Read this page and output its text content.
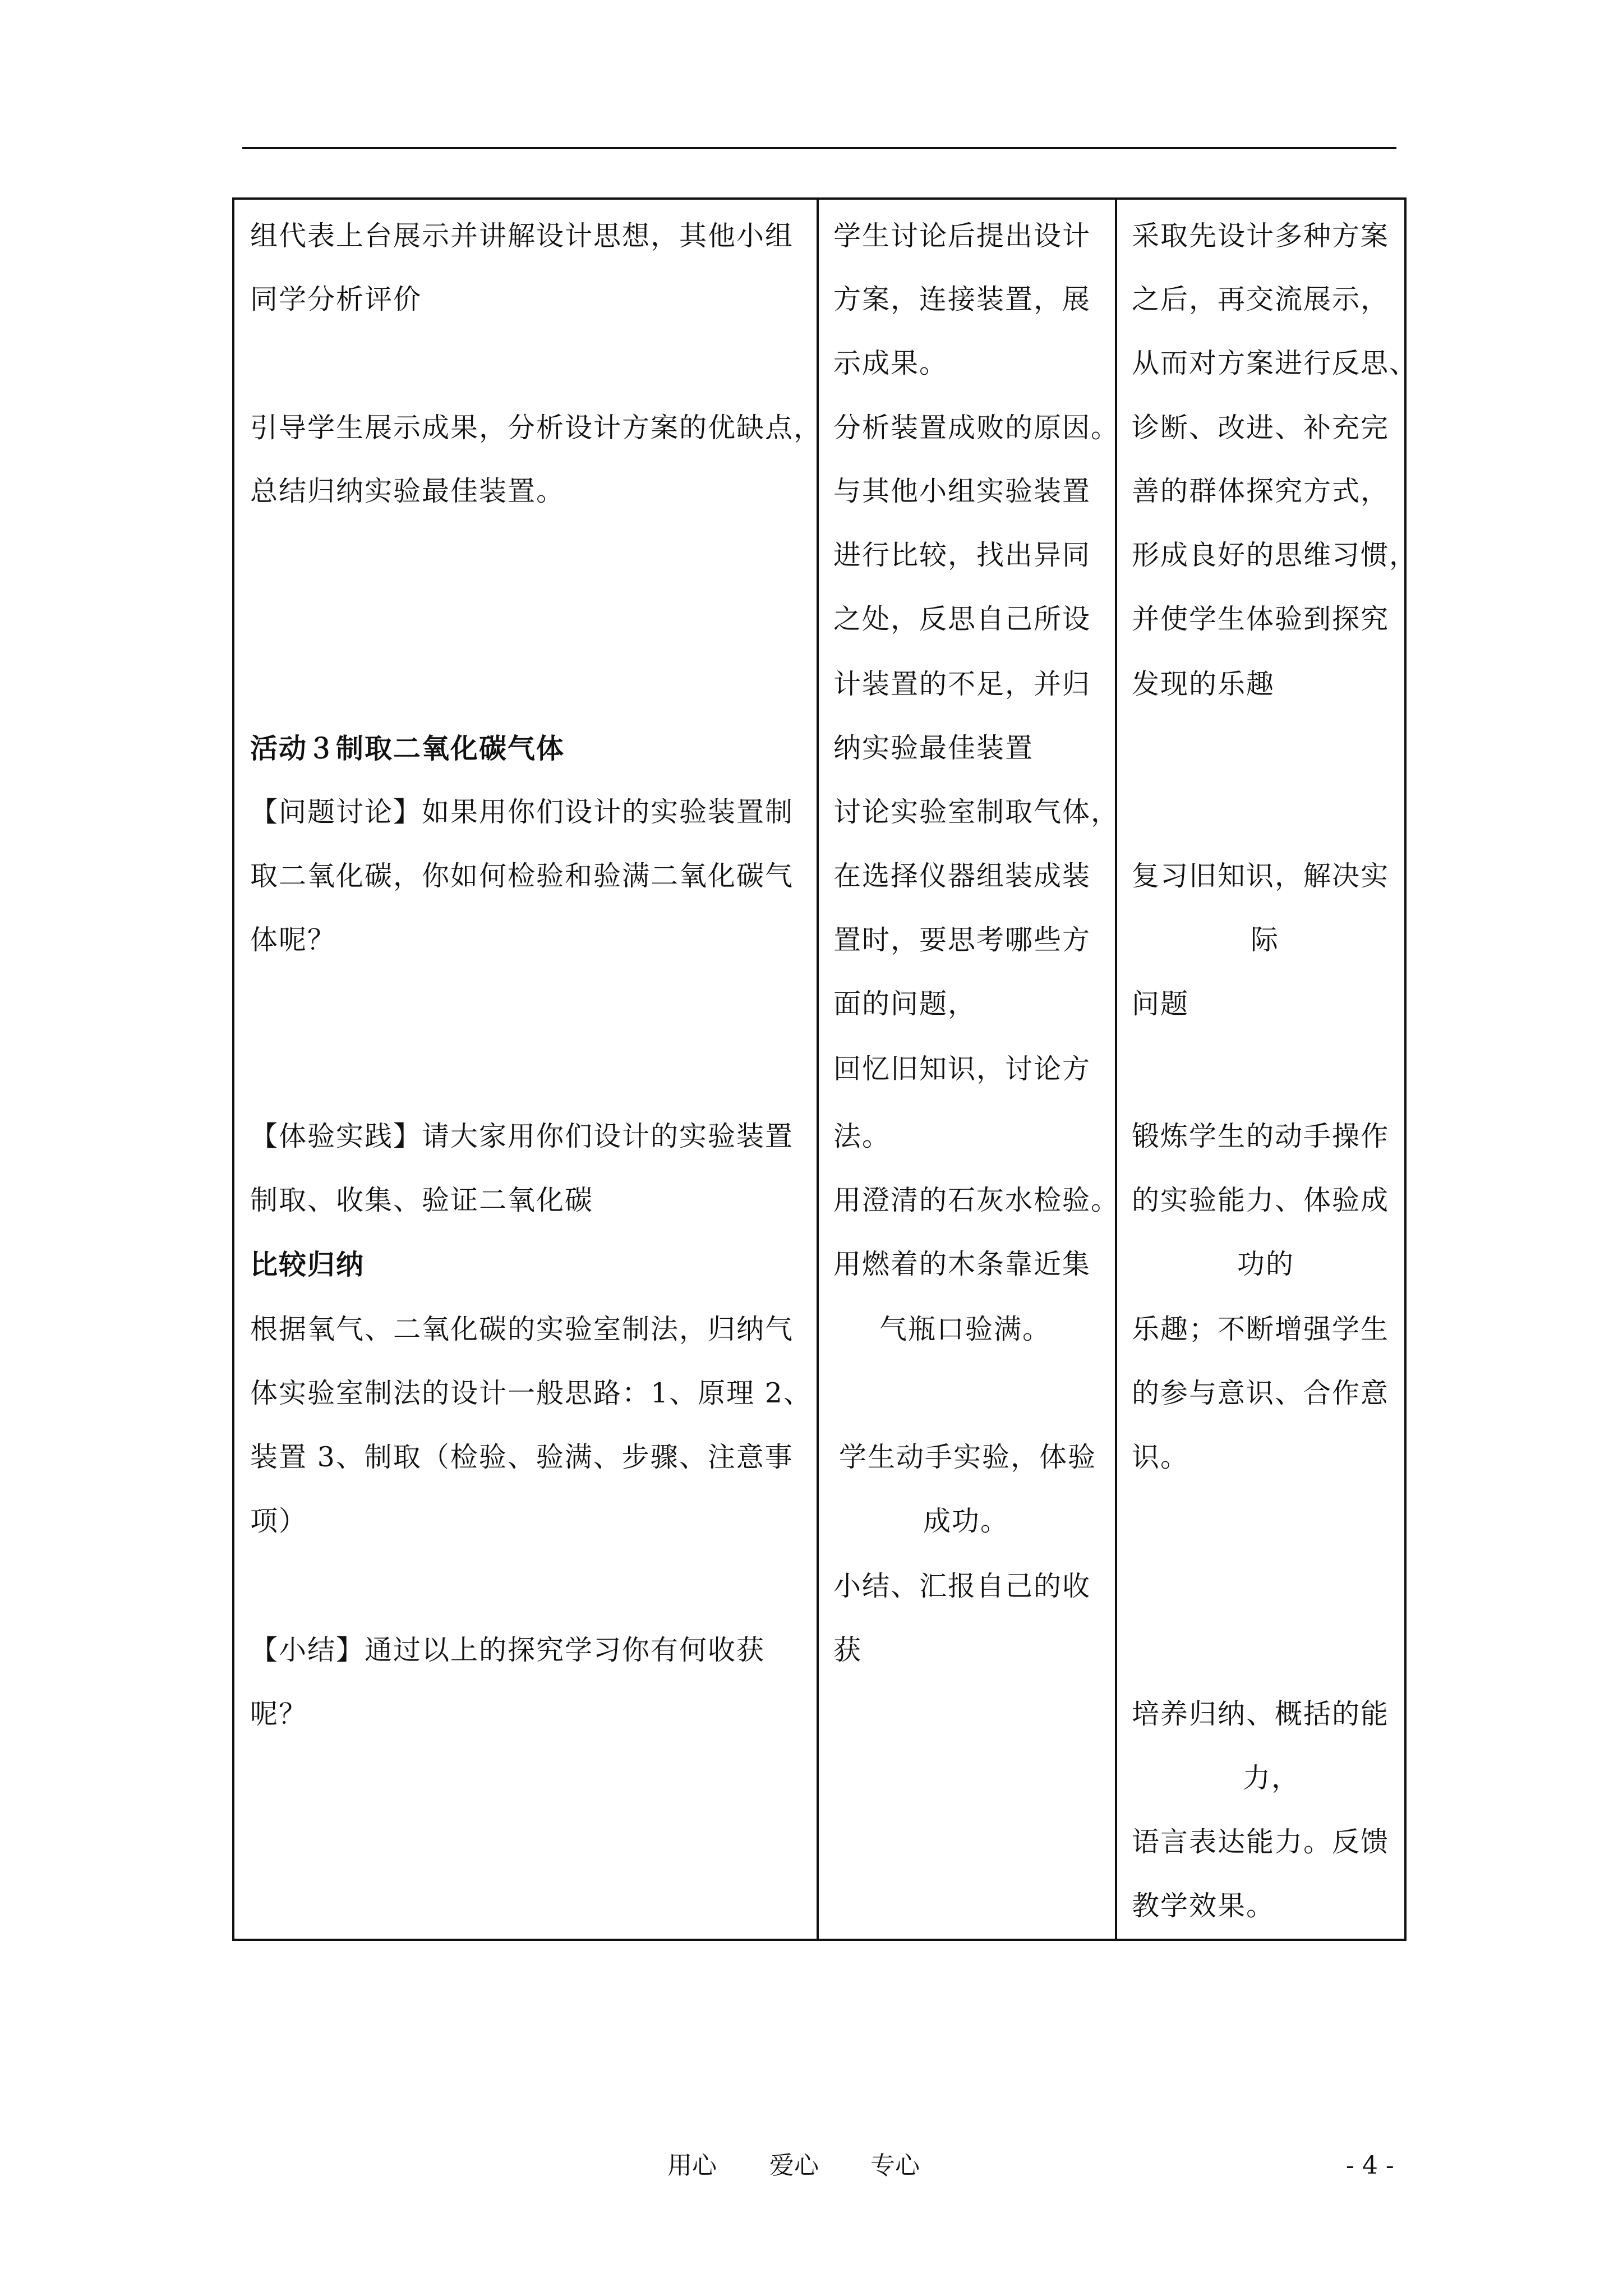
组代表上台展示并讲解设计思想，其他小组
同学分析评价
引导学生展示成果，分析设计方案的优缺点，
总结归纳实验最佳装置。
活动３制取二氧化碳气体
【问题讨论】如果用你们设计的实验装置制
取二氧化碳，你如何检验和验满二氧化碳气
体呢？
【体验实践】请大家用你们设计的实验装置
制取、收集、验证二氧化碳
比较归纳
根据氧气、二氧化碳的实验室制法，归纳气
体实验室制法的设计一般思路：1、原理 2、
装置 3、制取（检验、验满、步骤、注意事
项）
【小结】通过以上的探究学习你有何收获
呢？
学生讨论后提出设计
方案，连接装置，展
示成果。
分析装置成败的原因。
与其他小组实验装置
进行比较，找出异同
之处，反思自己所设
计装置的不足，并归
纳实验最佳装置
讨论实验室制取气体，
在选择仪器组装成装
置时，要思考哪些方
面的问题，
回忆旧知识，讨论方
法。
用澄清的石灰水检验。
用燃着的木条靠近集
气瓶口验满。
学生动手实验，体验
成功。
小结、汇报自己的收
获
采取先设计多种方案
之后，再交流展示，
从而对方案进行反思、
诊断、改进、补充完
善的群体探究方式，
形成良好的思维习惯，
并使学生体验到探究
发现的乐趣
复习旧知识，解决实
际
问题
锻炼学生的动手操作
的实验能力、体验成
功的
乐趣；不断增强学生
的参与意识、合作意
识。
培养归纳、概括的能
力，
语言表达能力。反馈
教学效果。
用心 爱心 专心	- 4 -
